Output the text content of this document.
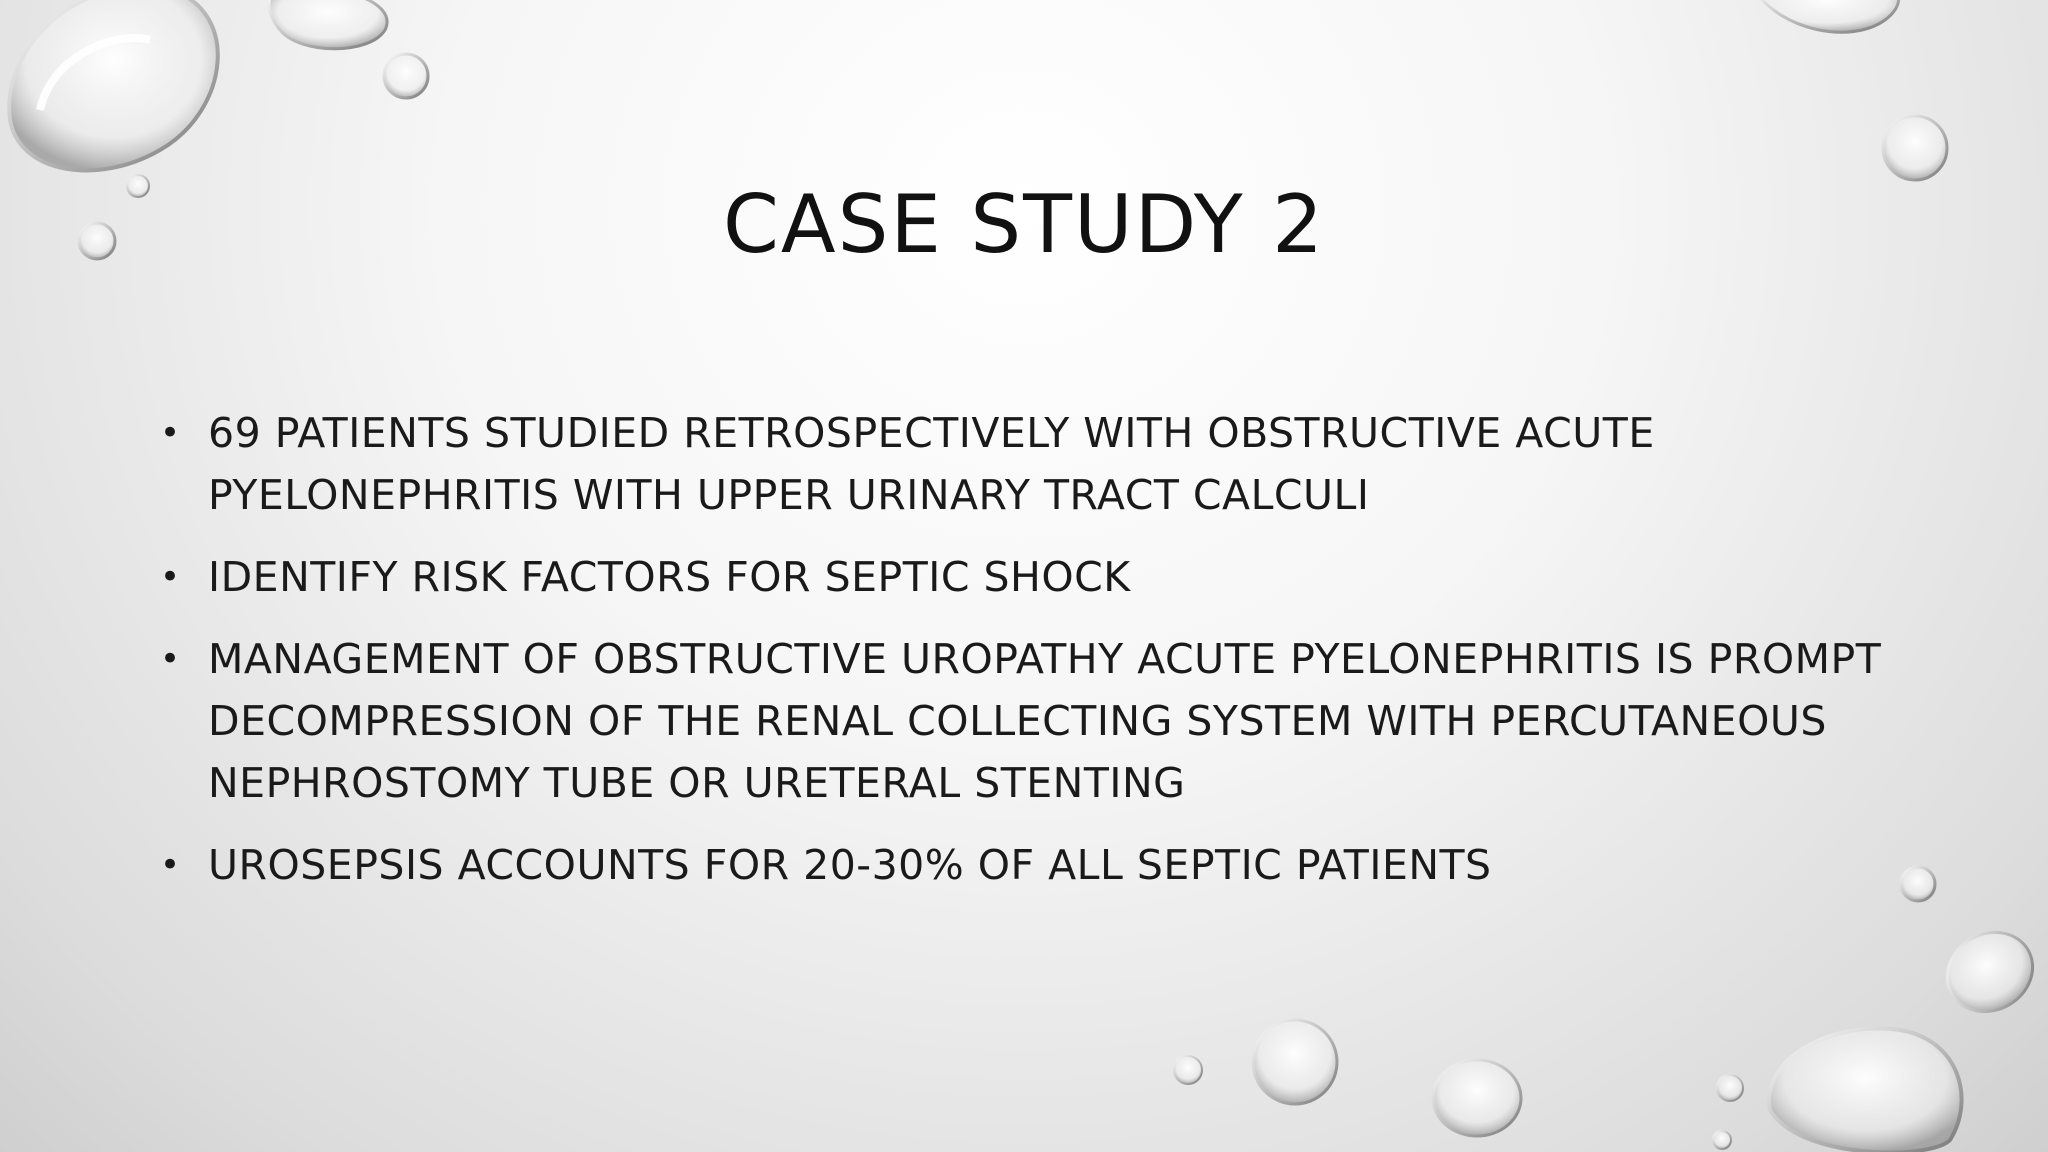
CASE STUDY 2
• 69 PATIENTS STUDIED RETROSPECTIVELY WITH OBSTRUCTIVE ACUTE PYELONEPHRITIS WITH UPPER URINARY TRACT CALCULI
• IDENTIFY RISK FACTORS FOR SEPTIC SHOCK
• MANAGEMENT OF OBSTRUCTIVE UROPATHY ACUTE PYELONEPHRITIS IS PROMPT DECOMPRESSION OF THE RENAL COLLECTING SYSTEM WITH PERCUTANEOUS NEPHROSTOMY TUBE OR URETERAL STENTING
• UROSEPSIS ACCOUNTS FOR 20-30% OF ALL SEPTIC PATIENTS
